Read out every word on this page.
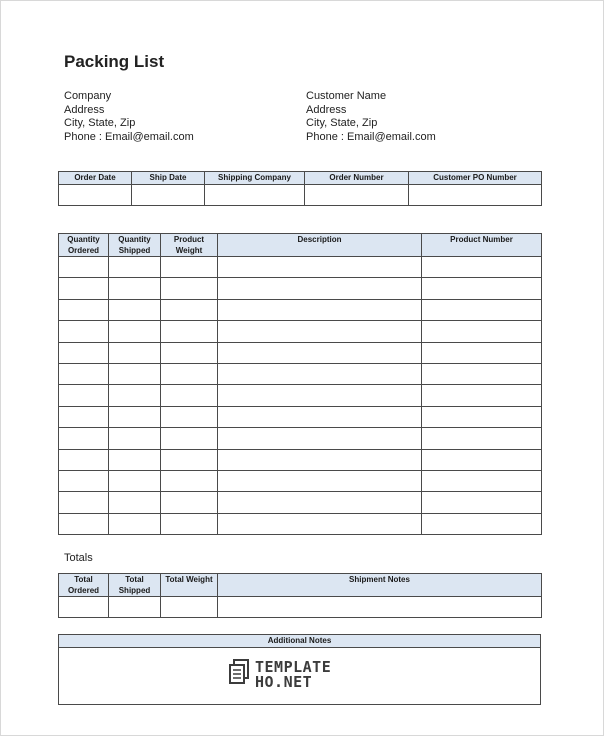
Packing List
Company
Address
City, State, Zip
Phone : Email@email.com
Customer Name
Address
City, State, Zip
Phone : Email@email.com
Order Date	Ship Date	Shipping Company	Order Number	Customer PO Number

Quantity Ordered	Quantity Shipped	Product Weight	Description	Product Number

Totals
Total Ordered	Total Shipped	Total Weight	Shipment Notes

Additional Notes

TEMPLATE
HO.NET
